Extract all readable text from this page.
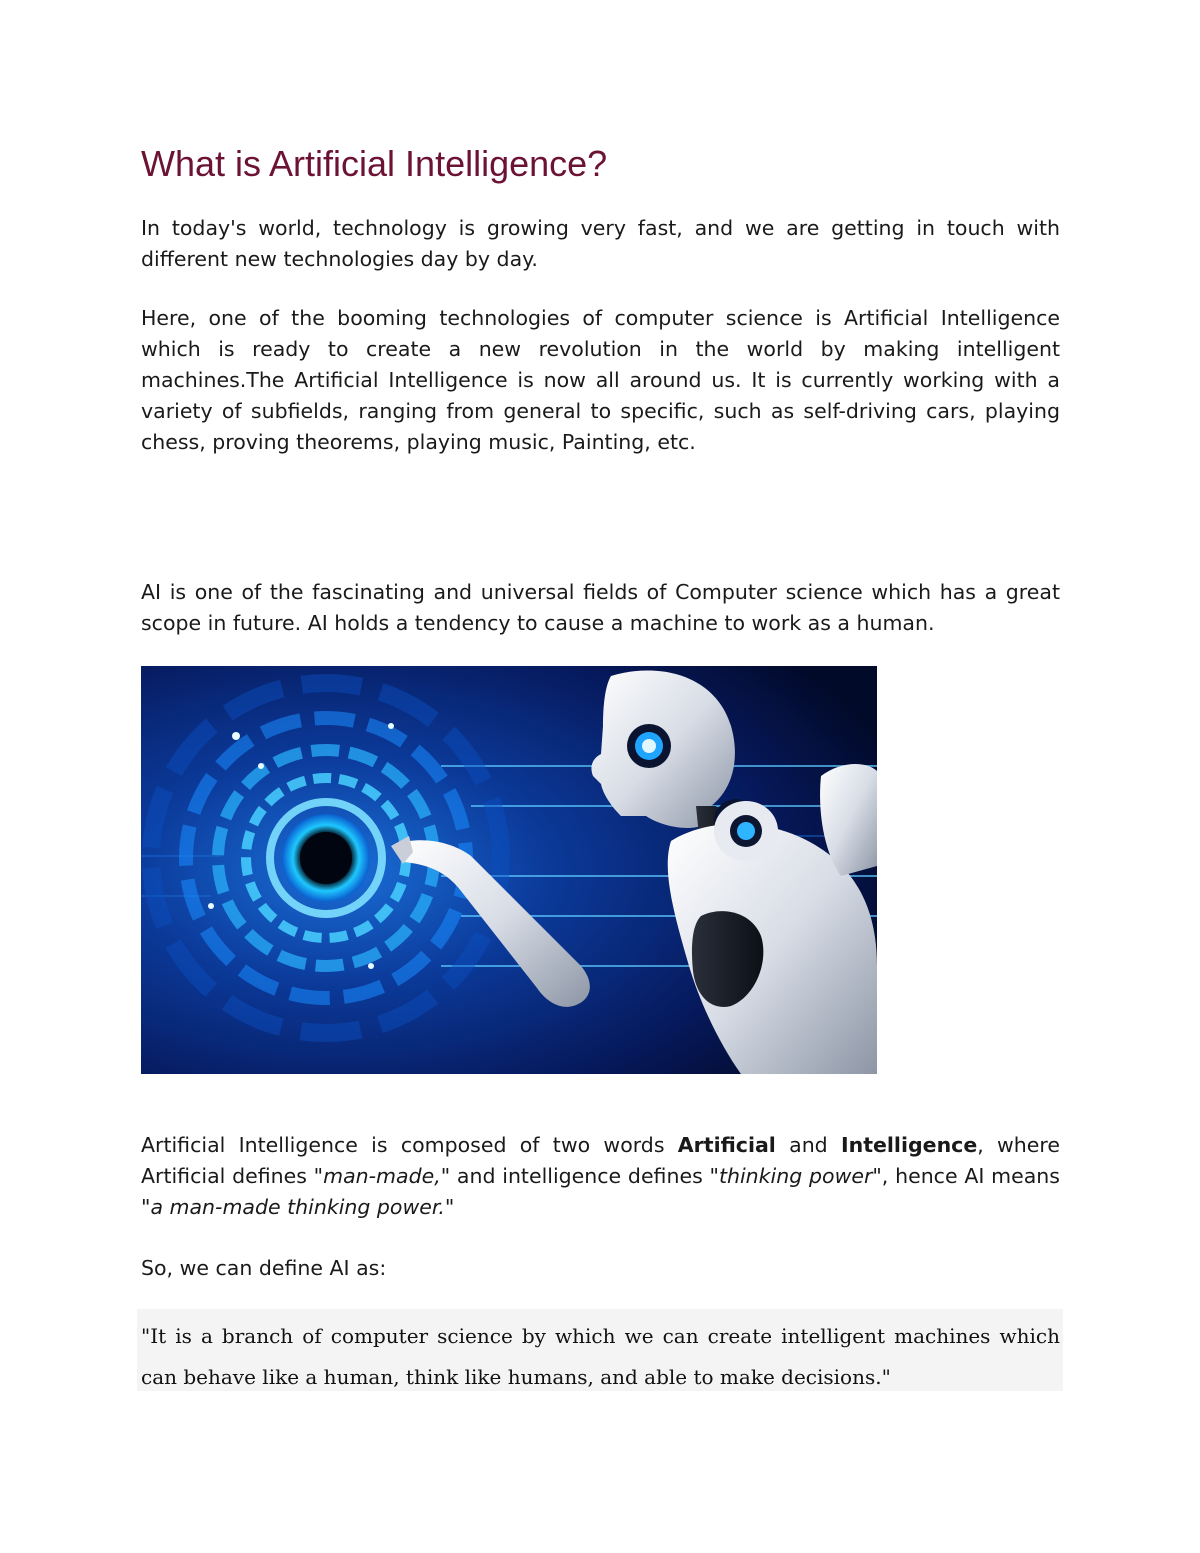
What is Artificial Intelligence?

In today's world, technology is growing very fast, and we are getting in touch with different new technologies day by day.

Here, one of the booming technologies of computer science is Artificial Intelligence which is ready to create a new revolution in the world by making intelligent machines.The Artificial Intelligence is now all around us. It is currently working with a variety of subfields, ranging from general to specific, such as self-driving cars, playing chess, proving theorems, playing music, Painting, etc.

AI is one of the fascinating and universal fields of Computer science which has a great scope in future. AI holds a tendency to cause a machine to work as a human.

Artificial Intelligence is composed of two words Artificial and Intelligence, where Artificial defines "man-made," and intelligence defines "thinking power", hence AI means "a man-made thinking power."

So, we can define AI as:

"It is a branch of computer science by which we can create intelligent machines which can behave like a human, think like humans, and able to make decisions."
